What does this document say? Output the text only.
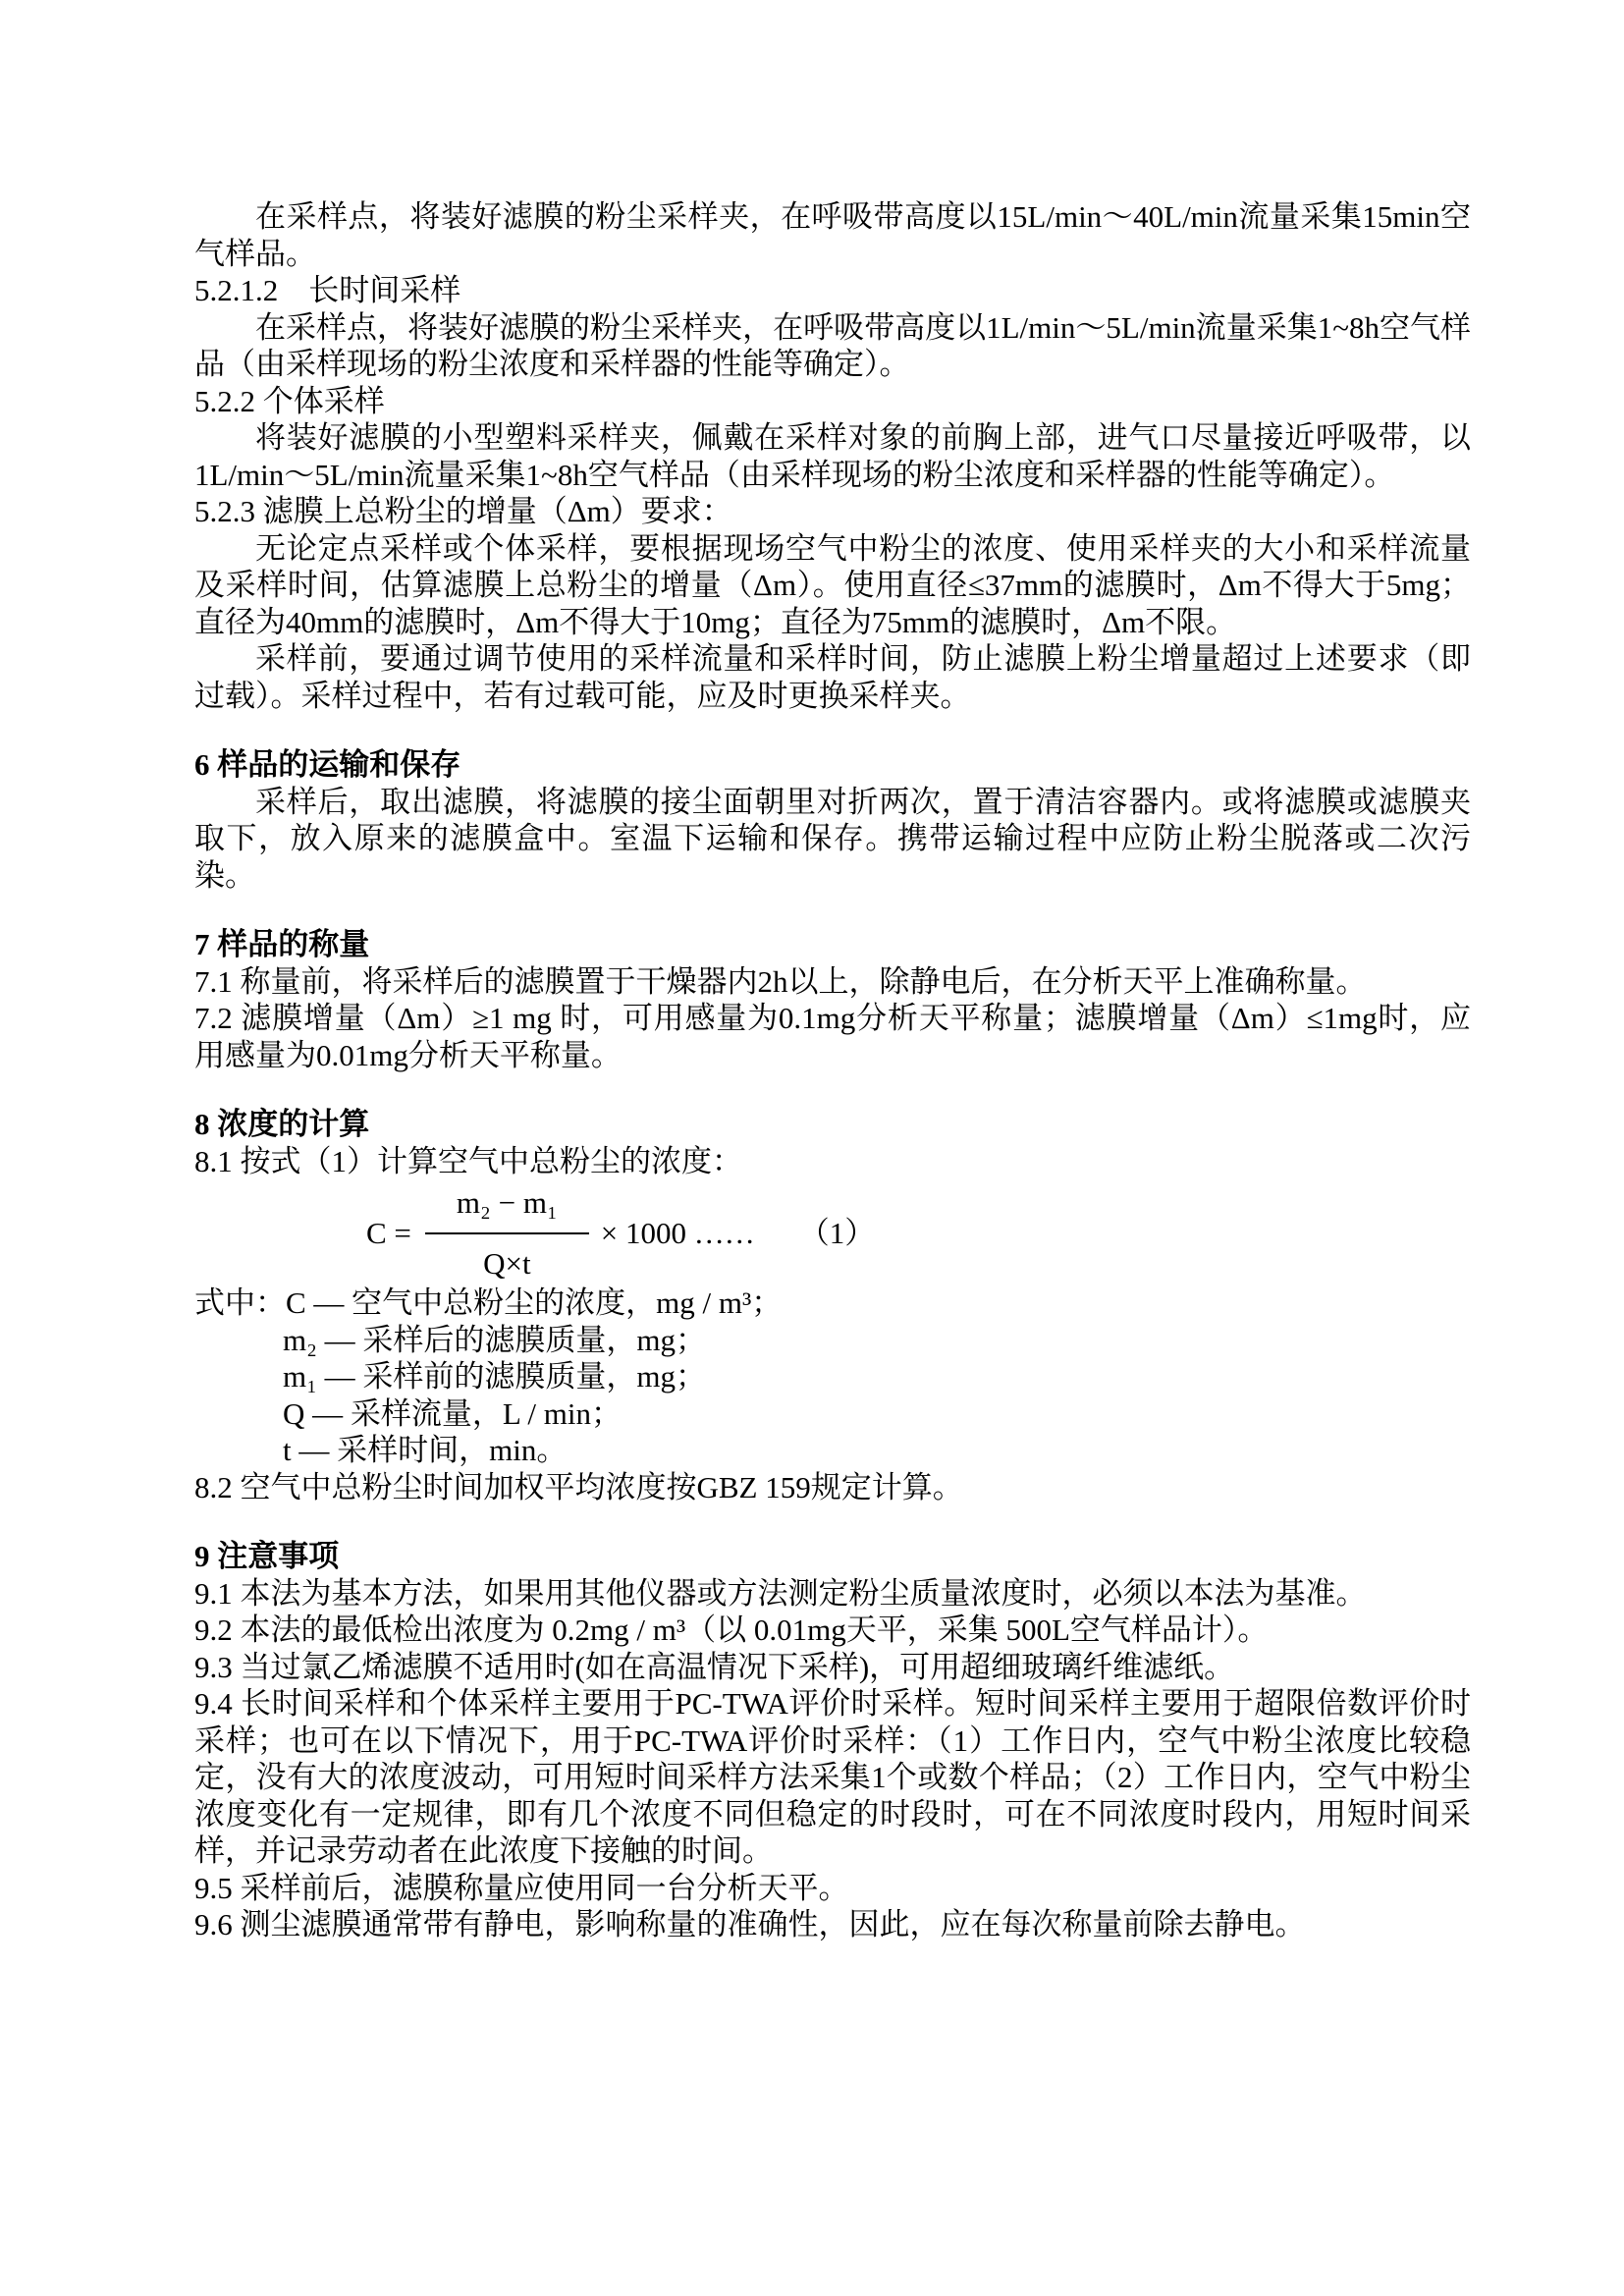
在采样点，将装好滤膜的粉尘采样夹，在呼吸带高度以15L/min～40L/min流量采集15min空气样品。

5.2.1.2　长时间采样

在采样点，将装好滤膜的粉尘采样夹，在呼吸带高度以1L/min～5L/min流量采集1~8h空气样品（由采样现场的粉尘浓度和采样器的性能等确定）。

5.2.2 个体采样

将装好滤膜的小型塑料采样夹，佩戴在采样对象的前胸上部，进气口尽量接近呼吸带，以1L/min～5L/min流量采集1~8h空气样品（由采样现场的粉尘浓度和采样器的性能等确定）。

5.2.3 滤膜上总粉尘的增量（Δm）要求：

无论定点采样或个体采样，要根据现场空气中粉尘的浓度、使用采样夹的大小和采样流量及采样时间，估算滤膜上总粉尘的增量（Δm）。使用直径≤37mm的滤膜时，Δm不得大于5mg；直径为40mm的滤膜时，Δm不得大于10mg；直径为75mm的滤膜时，Δm不限。

采样前，要通过调节使用的采样流量和采样时间，防止滤膜上粉尘增量超过上述要求（即过载）。采样过程中，若有过载可能，应及时更换采样夹。

6 样品的运输和保存

采样后，取出滤膜，将滤膜的接尘面朝里对折两次，置于清洁容器内。或将滤膜或滤膜夹取下，放入原来的滤膜盒中。室温下运输和保存。携带运输过程中应防止粉尘脱落或二次污染。

7 样品的称量

7.1 称量前，将采样后的滤膜置于干燥器内2h以上，除静电后，在分析天平上准确称量。

7.2 滤膜增量（Δm）≥1 mg 时，可用感量为0.1mg分析天平称量；滤膜增量（Δm）≤1mg时，应用感量为0.01mg分析天平称量。

8 浓度的计算

8.1 按式（1）计算空气中总粉尘的浓度：

$C = \frac{\text{m₂ − m₁}}{Q\times t} \times 1000$ …… （1）

式中：C — 空气中总粉尘的浓度，mg / m³；

m₂ — 采样后的滤膜质量，mg；

m₁ — 采样前的滤膜质量，mg；

Q — 采样流量，L / min；

t — 采样时间，min。

8.2 空气中总粉尘时间加权平均浓度按GBZ 159规定计算。

9 注意事项

9.1 本法为基本方法，如果用其他仪器或方法测定粉尘质量浓度时，必须以本法为基准。

9.2 本法的最低检出浓度为 0.2mg / m³（以 0.01mg天平，采集 500L空气样品计）。

9.3 当过氯乙烯滤膜不适用时(如在高温情况下采样)，可用超细玻璃纤维滤纸。

9.4 长时间采样和个体采样主要用于PC-TWA评价时采样。短时间采样主要用于超限倍数评价时采样；也可在以下情况下，用于PC-TWA评价时采样：（1）工作日内，空气中粉尘浓度比较稳定，没有大的浓度波动，可用短时间采样方法采集1个或数个样品；（2）工作日内，空气中粉尘浓度变化有一定规律，即有几个浓度不同但稳定的时段时，可在不同浓度时段内，用短时间采样，并记录劳动者在此浓度下接触的时间。

9.5 采样前后，滤膜称量应使用同一台分析天平。

9.6 测尘滤膜通常带有静电，影响称量的准确性，因此，应在每次称量前除去静电。
